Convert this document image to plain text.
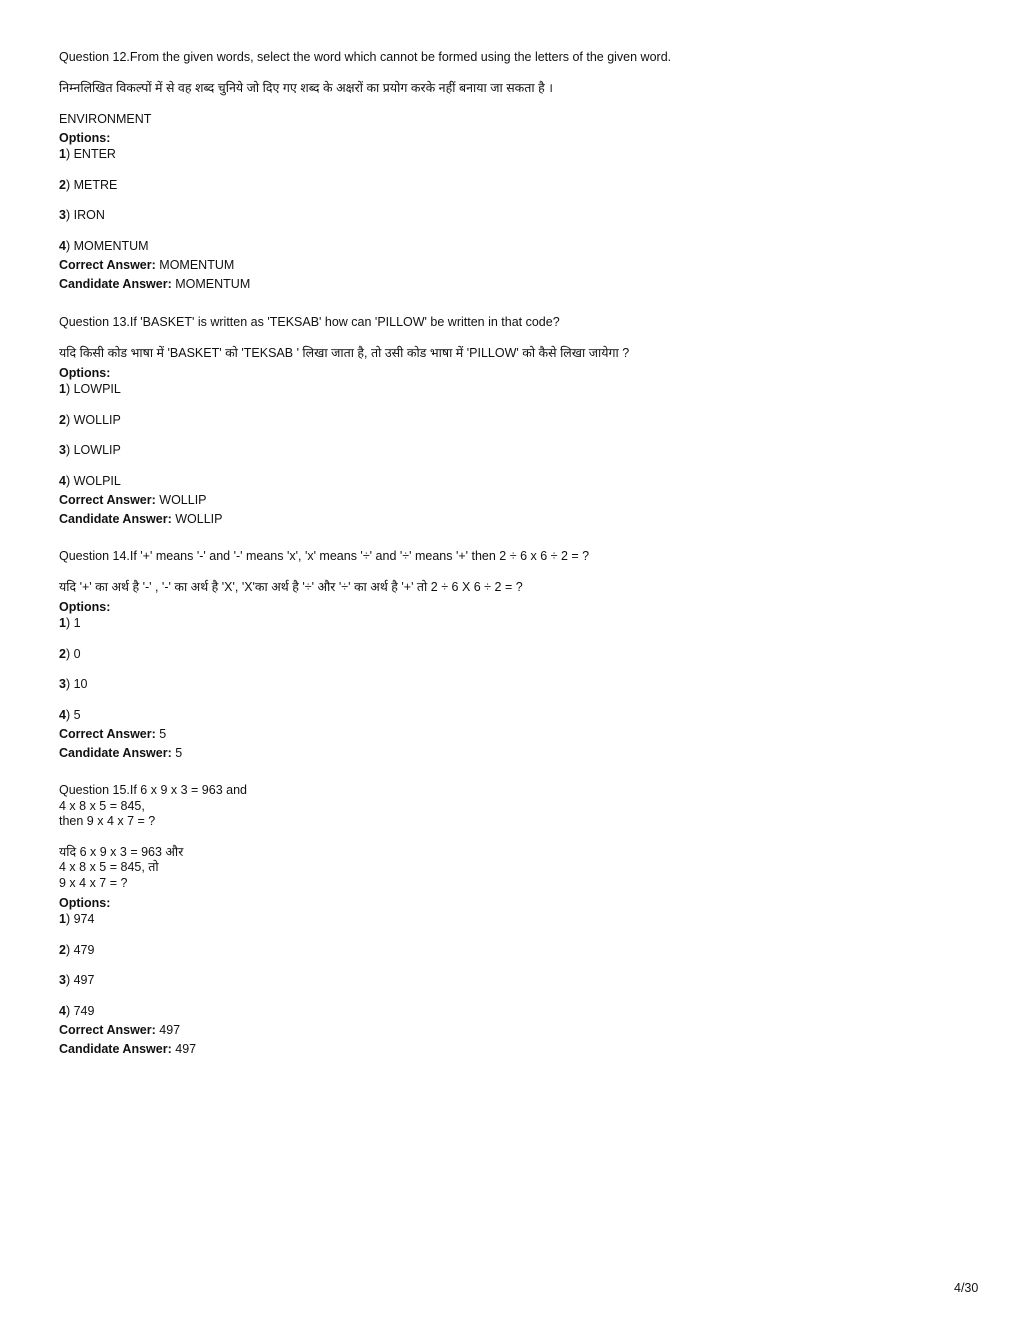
Question 12.From the given words, select the word which cannot be formed using the letters of the given word.
निम्नलिखित विकल्पों में से वह शब्द चुनिये जो दिए गए शब्द के अक्षरों का प्रयोग करके नहीं बनाया जा सकता है ।
ENVIRONMENT
Options:
1) ENTER
2) METRE
3) IRON
4) MOMENTUM
Correct Answer: MOMENTUM
Candidate Answer: MOMENTUM
Question 13.If 'BASKET' is written as 'TEKSAB' how can 'PILLOW' be written in that code?
यदि किसी कोड भाषा में 'BASKET' को 'TEKSAB ' लिखा जाता है, तो उसी कोड भाषा में 'PILLOW' को कैसे लिखा जायेगा ?
Options:
1) LOWPIL
2) WOLLIP
3) LOWLIP
4) WOLPIL
Correct Answer: WOLLIP
Candidate Answer: WOLLIP
Question 14.If '+' means '-' and '-' means 'x', 'x' means '÷' and '÷' means '+' then 2 ÷ 6 x 6 ÷ 2 = ?
यदि '+' का अर्थ है '-' , '-' का अर्थ है 'X', 'X'का अर्थ है '÷' और '÷' का अर्थ है '+' तो 2 ÷ 6 X 6 ÷ 2 = ?
Options:
1) 1
2) 0
3) 10
4) 5
Correct Answer: 5
Candidate Answer: 5
Question 15.If 6 x 9 x 3 = 963 and
4 x 8 x 5 = 845,
then 9 x 4 x 7 = ?
यदि 6 x 9 x 3 = 963 और
4 x 8 x 5 = 845, तो
9 x 4 x 7 = ?
Options:
1) 974
2) 479
3) 497
4) 749
Correct Answer: 497
Candidate Answer: 497
4/30
